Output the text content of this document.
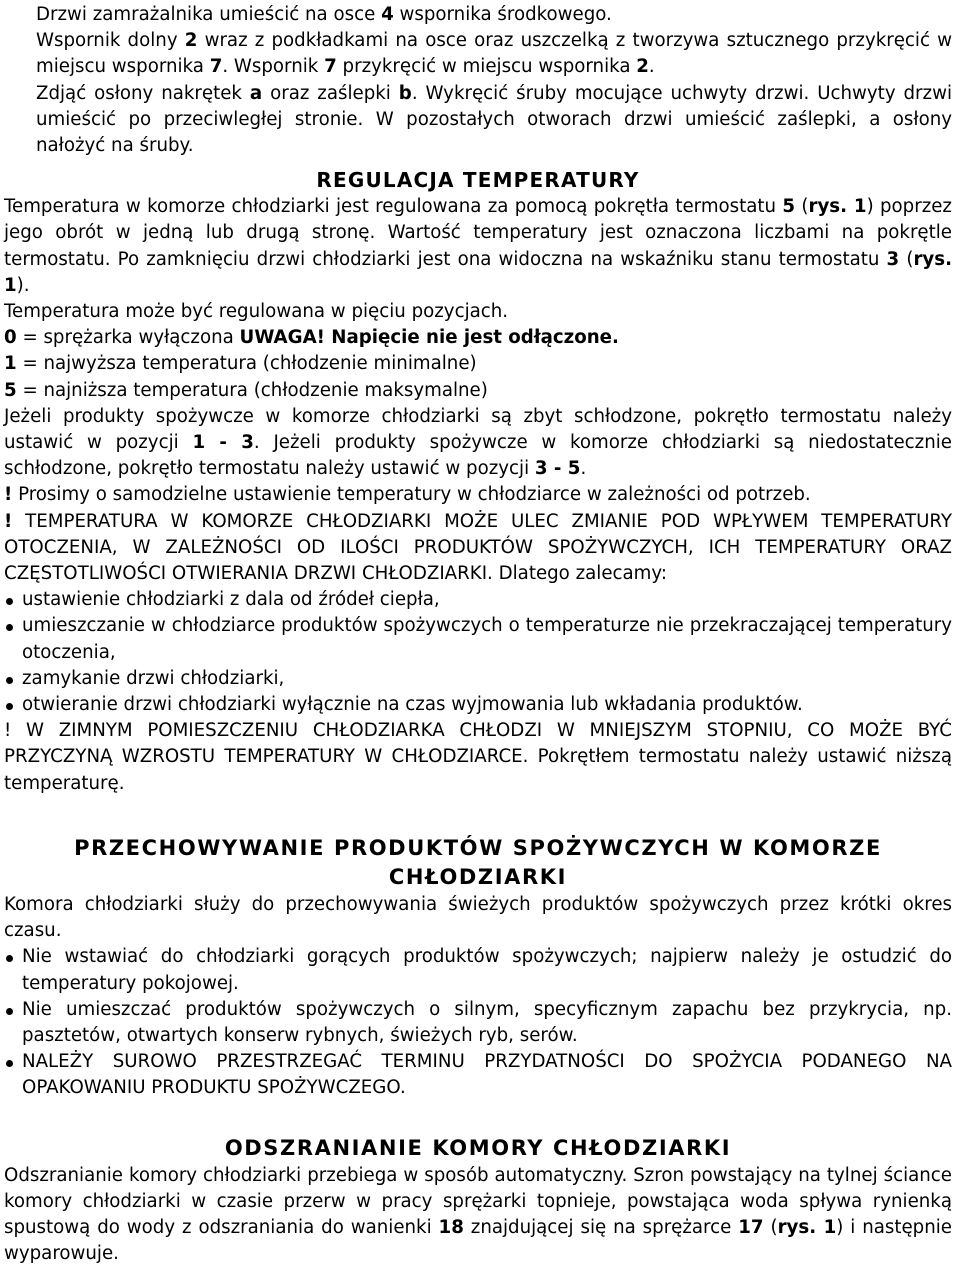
Drzwi zamrażalnika umieścić na osce 4 wspornika środkowego.

Wspornik dolny 2 wraz z podkładkami na osce oraz uszczelką z tworzywa sztucznego przykręcić w miejscu wspornika 7. Wspornik 7 przykręcić w miejscu wspornika 2.

Zdjąć osłony nakrętek a oraz zaślepki b. Wykręcić śruby mocujące uchwyty drzwi. Uchwyty drzwi umieścić po przeciwległej stronie. W pozostałych otworach drzwi umieścić zaślepki, a osłony nałożyć na śruby.

REGULACJA TEMPERATURY

Temperatura w komorze chłodziarki jest regulowana za pomocą pokrętła termostatu 5 (rys. 1) poprzez jego obrót w jedną lub drugą stronę. Wartość temperatury jest oznaczona liczbami na pokrętle termostatu. Po zamknięciu drzwi chłodziarki jest ona widoczna na wskaźniku stanu termostatu 3 (rys. 1).

Temperatura może być regulowana w pięciu pozycjach.

0 = sprężarka wyłączona UWAGA! Napięcie nie jest odłączone.

1 = najwyższa temperatura (chłodzenie minimalne)

5 = najniższa temperatura (chłodzenie maksymalne)

Jeżeli produkty spożywcze w komorze chłodziarki są zbyt schłodzone, pokrętło termostatu należy ustawić w pozycji 1 - 3. Jeżeli produkty spożywcze w komorze chłodziarki są niedostatecznie schłodzone, pokrętło termostatu należy ustawić w pozycji 3 - 5.

! Prosimy o samodzielne ustawienie temperatury w chłodziarce w zależności od potrzeb.

! TEMPERATURA W KOMORZE CHŁODZIARKI MOŻE ULEC ZMIANIE POD WPŁYWEM TEMPERATURY OTOCZENIA, W ZALEŻNOŚCI OD ILOŚCI PRODUKTÓW SPOŻYWCZYCH, ICH TEMPERATURY ORAZ CZĘSTOTLIWOŚCI OTWIERANIA DRZWI CHŁODZIARKI. Dlatego zalecamy:

ustawienie chłodziarki z dala od źródeł ciepła,
umieszczanie w chłodziarce produktów spożywczych o temperaturze nie przekraczającej temperatury otoczenia,
zamykanie drzwi chłodziarki,
otwieranie drzwi chłodziarki wyłącznie na czas wyjmowania lub wkładania produktów.

! W ZIMNYM POMIESZCZENIU CHŁODZIARKA CHŁODZI W MNIEJSZYM STOPNIU, CO MOŻE BYĆ PRZYCZYNĄ WZROSTU TEMPERATURY W CHŁODZIARCE. Pokrętłem termostatu należy ustawić niższą temperaturę.

PRZECHOWYWANIE PRODUKTÓW SPOŻYWCZYCH W KOMORZE CHŁODZIARKI

Komora chłodziarki służy do przechowywania świeżych produktów spożywczych przez krótki okres czasu.

Nie wstawiać do chłodziarki gorących produktów spożywczych; najpierw należy je ostudzić do temperatury pokojowej.
Nie umieszczać produktów spożywczych o silnym, specyficznym zapachu bez przykrycia, np. pasztetów, otwartych konserw rybnych, świeżych ryb, serów.
NALEŻY SUROWO PRZESTRZEGAĆ TERMINU PRZYDATNOŚCI DO SPOŻYCIA PODANEGO NA OPAKOWANIU PRODUKTU SPOŻYWCZEGO.
ODSZRANIANIE KOMORY CHŁODZIARKI

Odszranianie komory chłodziarki przebiega w sposób automatyczny. Szron powstający na tylnej ściance komory chłodziarki w czasie przerw w pracy sprężarki topnieje, powstająca woda spływa rynienką spustową do wody z odszraniania do wanienki 18 znajdującej się na sprężarce 17 (rys. 1) i następnie wyparowuje.
